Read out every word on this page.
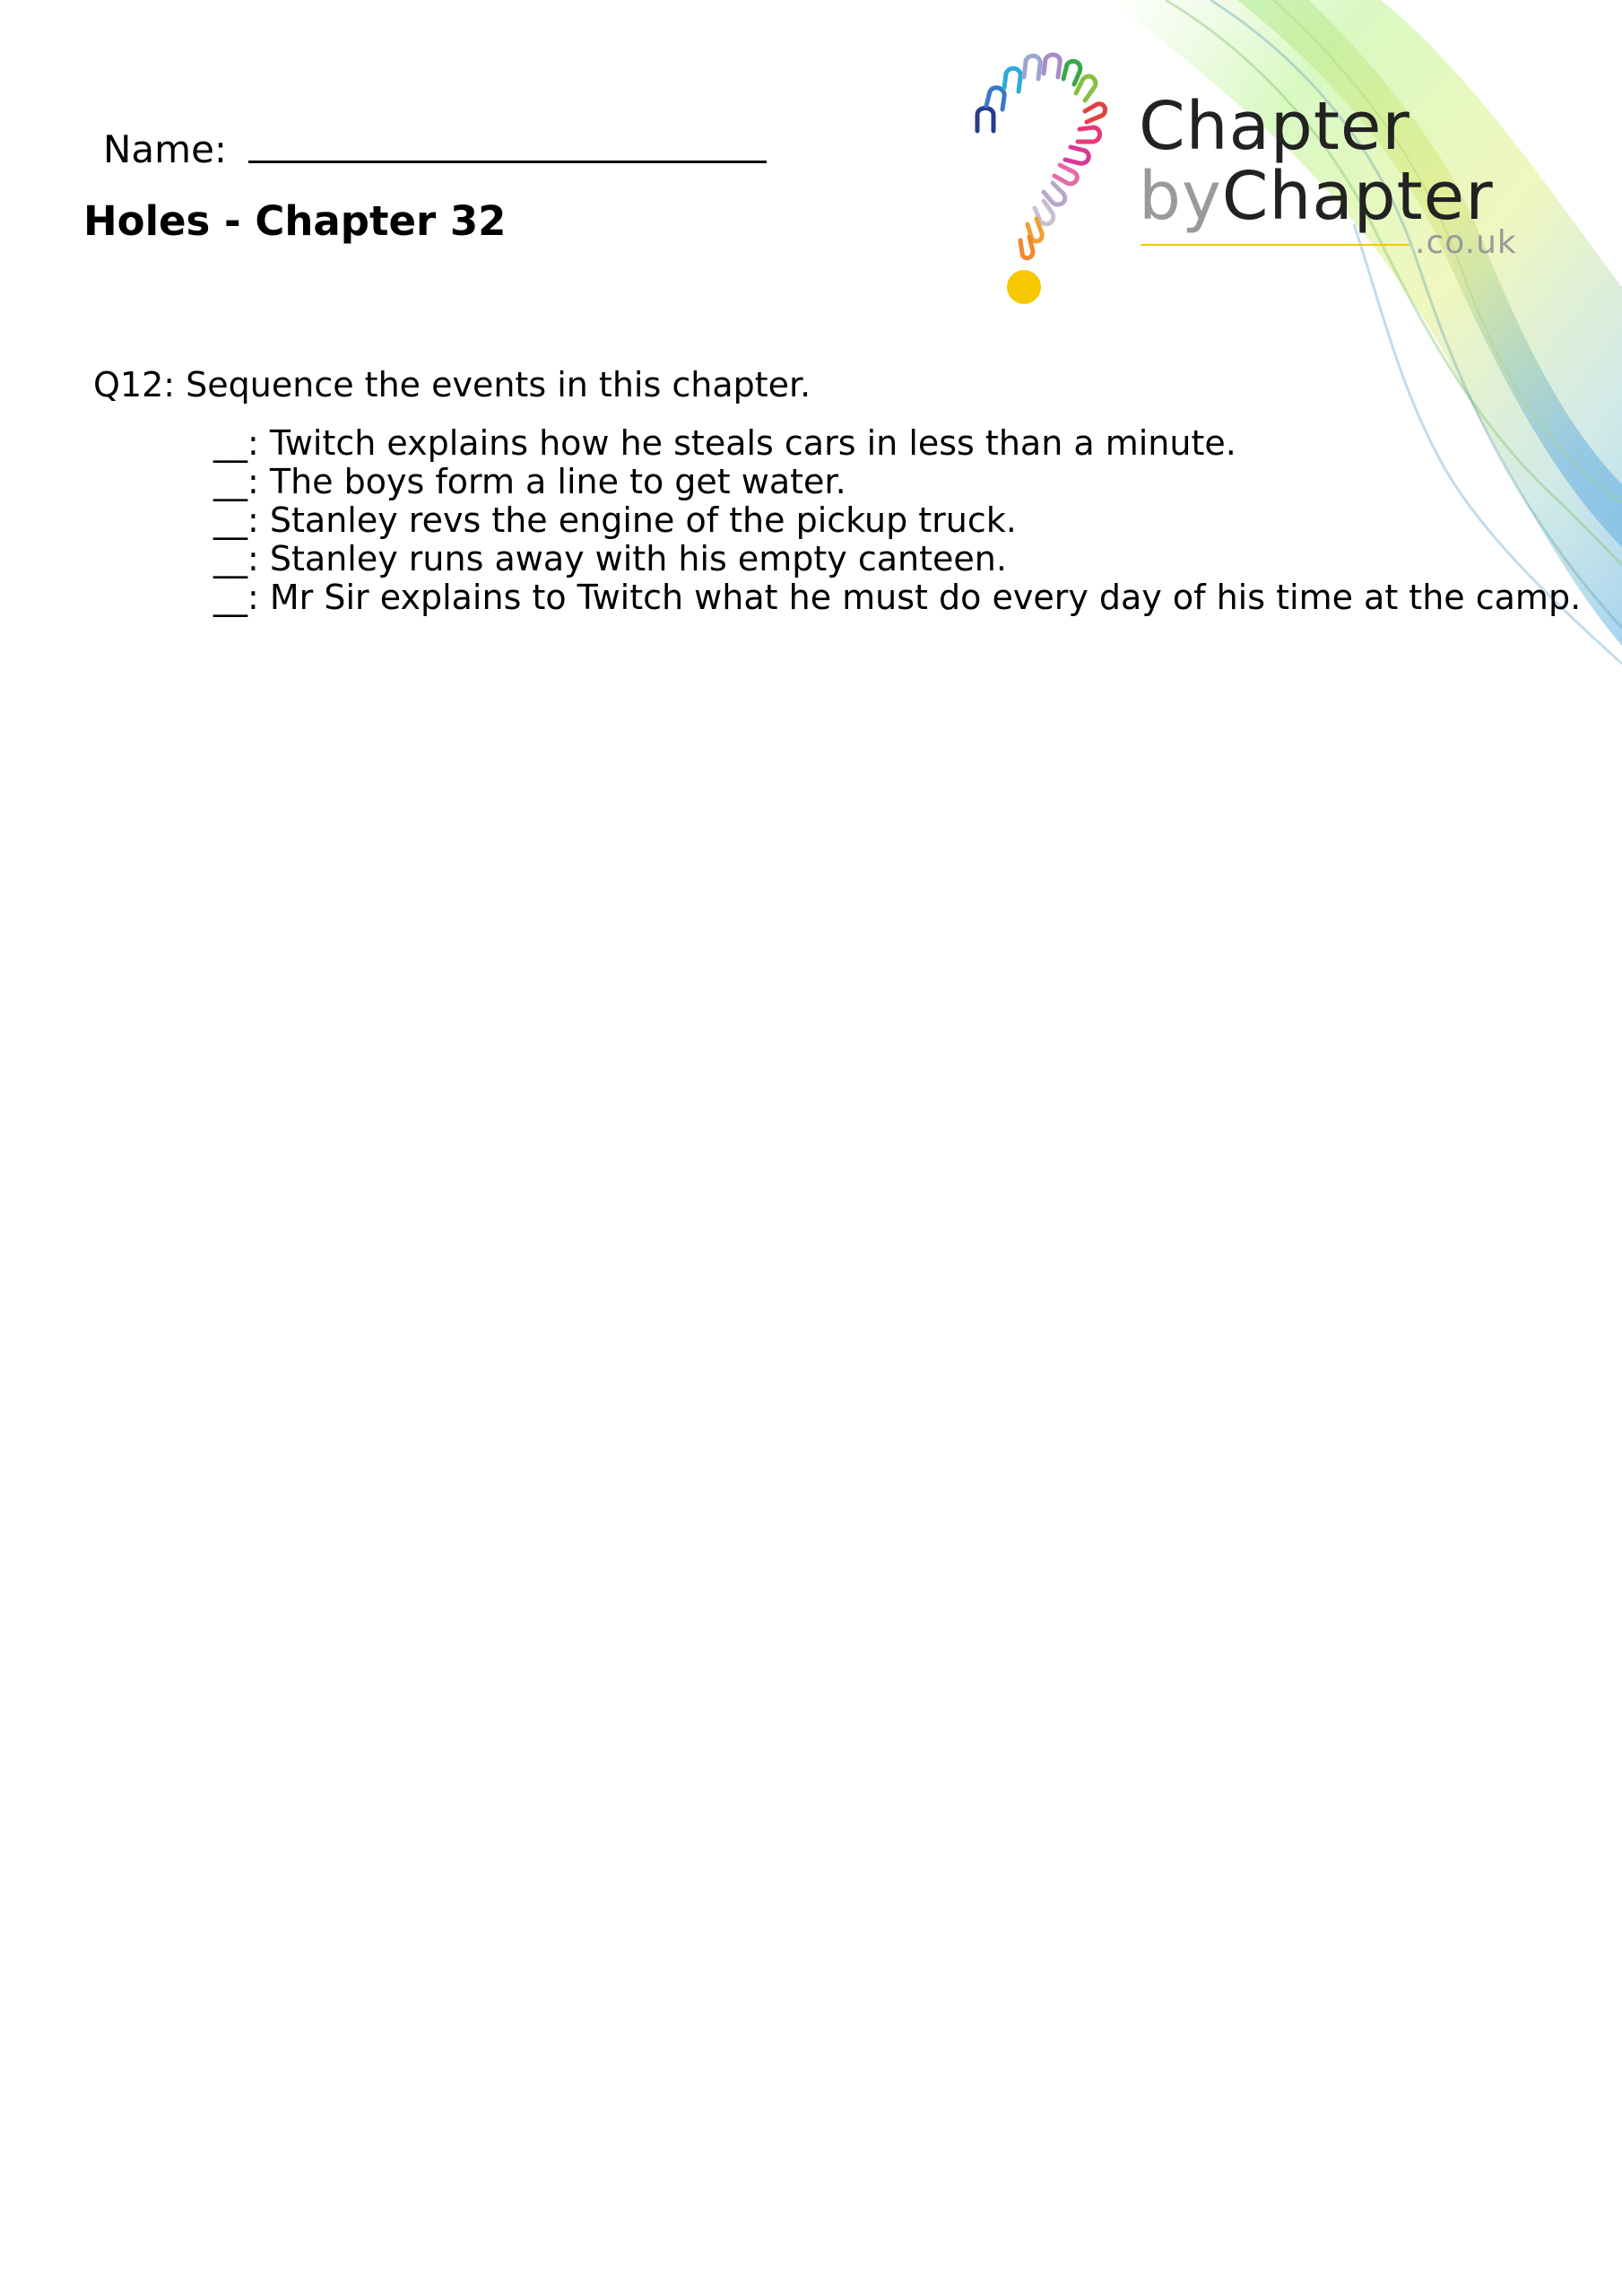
Name:
Holes - Chapter 32
Chapter
byChapter
.co.uk
Q12: Sequence the events in this chapter.
__: Twitch explains how he steals cars in less than a minute.
__: The boys form a line to get water.
__: Stanley revs the engine of the pickup truck.
__: Stanley runs away with his empty canteen.
__: Mr Sir explains to Twitch what he must do every day of his time at the camp.
